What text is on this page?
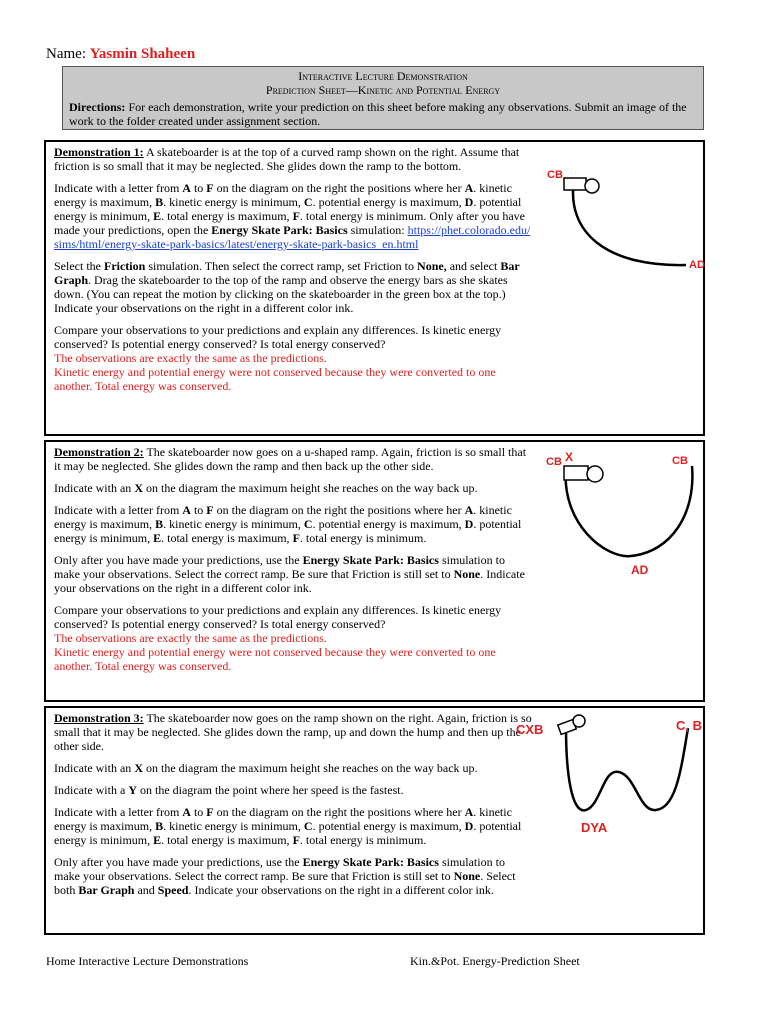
Name: Yasmin Shaheen
Interactive Lecture Demonstration
Prediction Sheet—Kinetic and Potential Energy
Directions: For each demonstration, write your prediction on this sheet before making any observations. Submit an image of the work to the folder created under assignment section.

Demonstration 1: A skateboarder is at the top of a curved ramp shown on the right. Assume that friction is so small that it may be neglected. She glides down the ramp to the bottom.

Indicate with a letter from A to F on the diagram on the right the positions where her A. kinetic energy is maximum, B. kinetic energy is minimum, C. potential energy is maximum, D. potential energy is minimum, E. total energy is maximum, F. total energy is minimum. Only after you have made your predictions, open the Energy Skate Park: Basics simulation: https://phet.colorado.edu/sims/html/energy-skate-park-basics/latest/energy-skate-park-basics_en.html

Select the Friction simulation. Then select the correct ramp, set Friction to None, and select Bar Graph. Drag the skateboarder to the top of the ramp and observe the energy bars as she skates down. (You can repeat the motion by clicking on the skateboarder in the green box at the top.) Indicate your observations on the right in a different color ink.

Compare your observations to your predictions and explain any differences. Is kinetic energy conserved? Is potential energy conserved? Is total energy conserved?
The observations are exactly the same as the predictions.
Kinetic energy and potential energy were not conserved because they were converted to one another. Total energy was conserved.

CB
AD

Demonstration 2: The skateboarder now goes on a u-shaped ramp. Again, friction is so small that it may be neglected. She glides down the ramp and then back up the other side.

Indicate with an X on the diagram the maximum height she reaches on the way back up.

Indicate with a letter from A to F on the diagram on the right the positions where her A. kinetic energy is maximum, B. kinetic energy is minimum, C. potential energy is maximum, D. potential energy is minimum, E. total energy is maximum, F. total energy is minimum.

Only after you have made your predictions, use the Energy Skate Park: Basics simulation to make your observations. Select the correct ramp. Be sure that Friction is still set to None. Indicate your observations on the right in a different color ink.

Compare your observations to your predictions and explain any differences. Is kinetic energy conserved? Is potential energy conserved? Is total energy conserved?
The observations are exactly the same as the predictions.
Kinetic energy and potential energy were not conserved because they were converted to one another. Total energy was conserved.

CB X	CB
AD

Demonstration 3: The skateboarder now goes on the ramp shown on the right. Again, friction is so small that it may be neglected. She glides down the ramp, up and down the hump and then up the other side.

Indicate with an X on the diagram the maximum height she reaches on the way back up.

Indicate with a Y on the diagram the point where her speed is the fastest.

Indicate with a letter from A to F on the diagram on the right the positions where her A. kinetic energy is maximum, B. kinetic energy is minimum, C. potential energy is maximum, D. potential energy is minimum, E. total energy is maximum, F. total energy is minimum.

Only after you have made your predictions, use the Energy Skate Park: Basics simulation to make your observations. Select the correct ramp. Be sure that Friction is still set to None. Select both Bar Graph and Speed. Indicate your observations on the right in a different color ink.

CXB	C, B
DYA
Home Interactive Lecture Demonstrations	Kin.&Pot. Energy-Prediction Sheet
